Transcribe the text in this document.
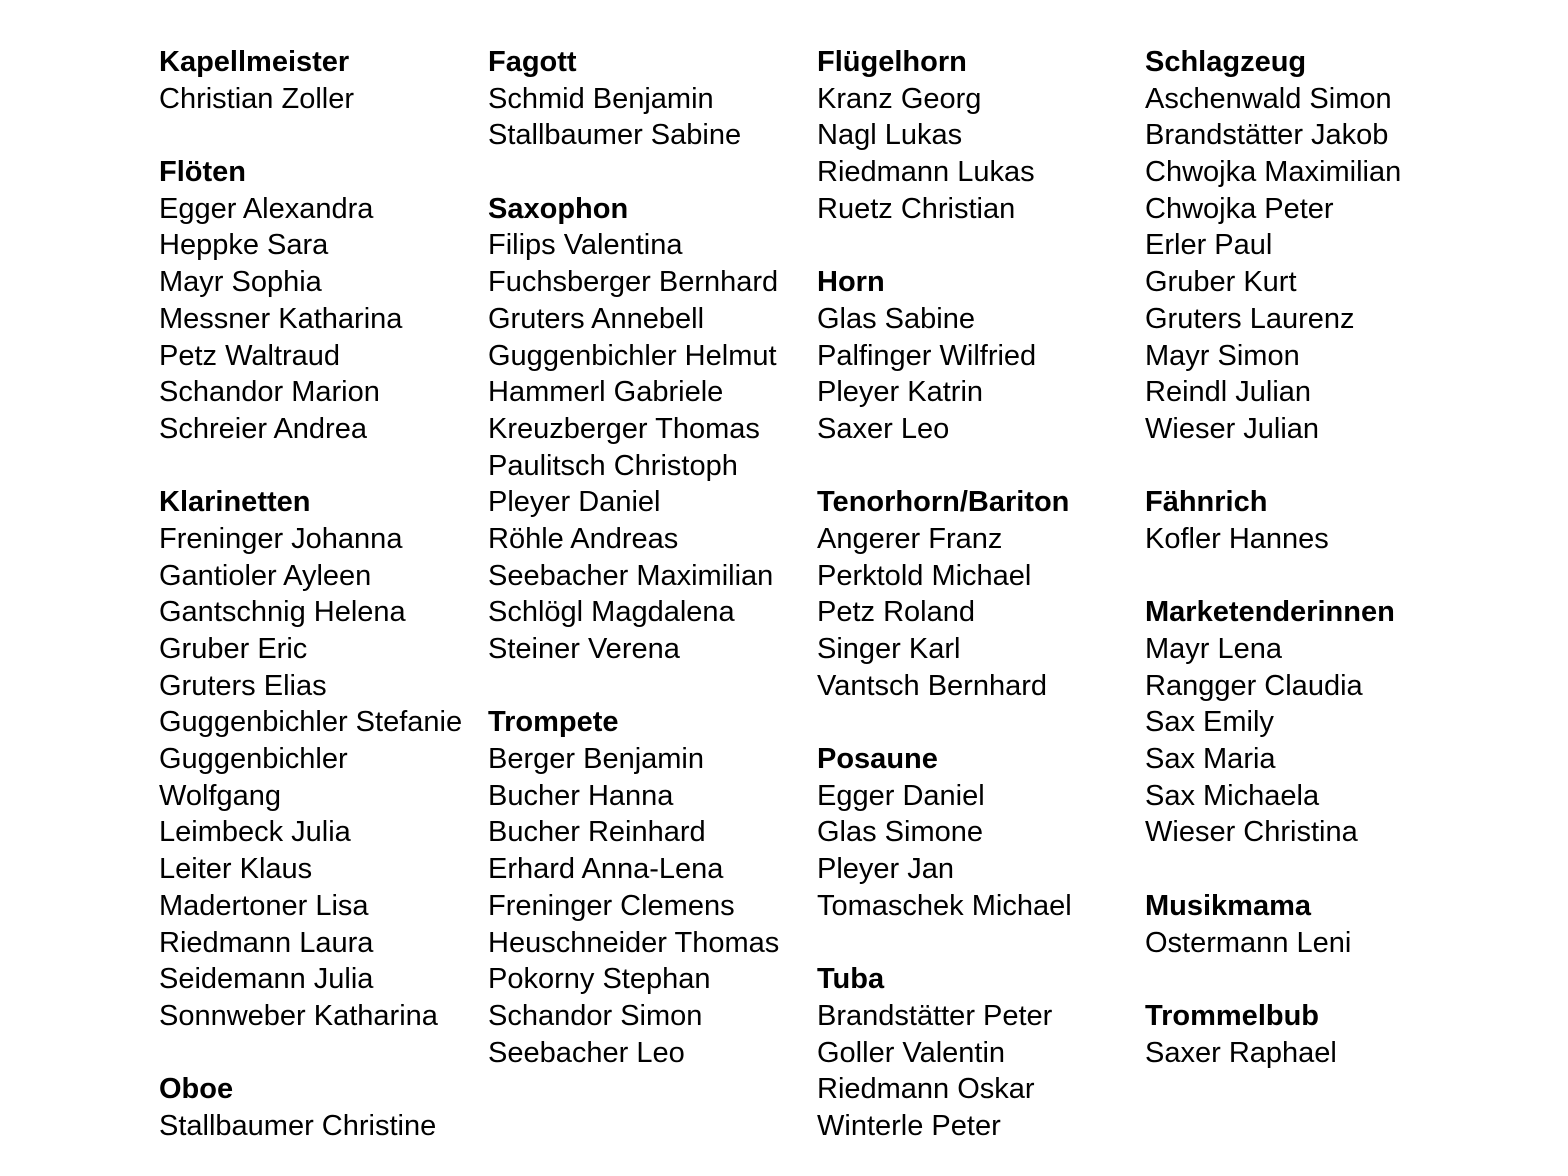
Kapellmeister
Christian Zoller
Flöten
Egger Alexandra
Heppke Sara
Mayr Sophia
Messner Katharina
Petz Waltraud
Schandor Marion
Schreier Andrea
Klarinetten
Freninger Johanna
Gantioler Ayleen
Gantschnig Helena
Gruber Eric
Gruters Elias
Guggenbichler Stefanie
Guggenbichler
Wolfgang
Leimbeck Julia
Leiter Klaus
Madertoner Lisa
Riedmann Laura
Seidemann Julia
Sonnweber Katharina
Oboe
Stallbaumer Christine
Fagott
Schmid Benjamin
Stallbaumer Sabine
Saxophon
Filips Valentina
Fuchsberger Bernhard
Gruters Annebell
Guggenbichler Helmut
Hammerl Gabriele
Kreuzberger Thomas
Paulitsch Christoph
Pleyer Daniel
Röhle Andreas
Seebacher Maximilian
Schlögl Magdalena
Steiner Verena
Trompete
Berger Benjamin
Bucher Hanna
Bucher Reinhard
Erhard Anna-Lena
Freninger Clemens
Heuschneider Thomas
Pokorny Stephan
Schandor Simon
Seebacher Leo
Flügelhorn
Kranz Georg
Nagl Lukas
Riedmann Lukas
Ruetz Christian
Horn
Glas Sabine
Palfinger Wilfried
Pleyer Katrin
Saxer Leo
Tenorhorn/Bariton
Angerer Franz
Perktold Michael
Petz Roland
Singer Karl
Vantsch Bernhard
Posaune
Egger Daniel
Glas Simone
Pleyer Jan
Tomaschek Michael
Tuba
Brandstätter Peter
Goller Valentin
Riedmann Oskar
Winterle Peter
Schlagzeug
Aschenwald Simon
Brandstätter Jakob
Chwojka Maximilian
Chwojka Peter
Erler Paul
Gruber Kurt
Gruters Laurenz
Mayr Simon
Reindl Julian
Wieser Julian
Fähnrich
Kofler Hannes
Marketenderinnen
Mayr Lena
Rangger Claudia
Sax Emily
Sax Maria
Sax Michaela
Wieser Christina
Musikmama
Ostermann Leni
Trommelbub
Saxer Raphael
